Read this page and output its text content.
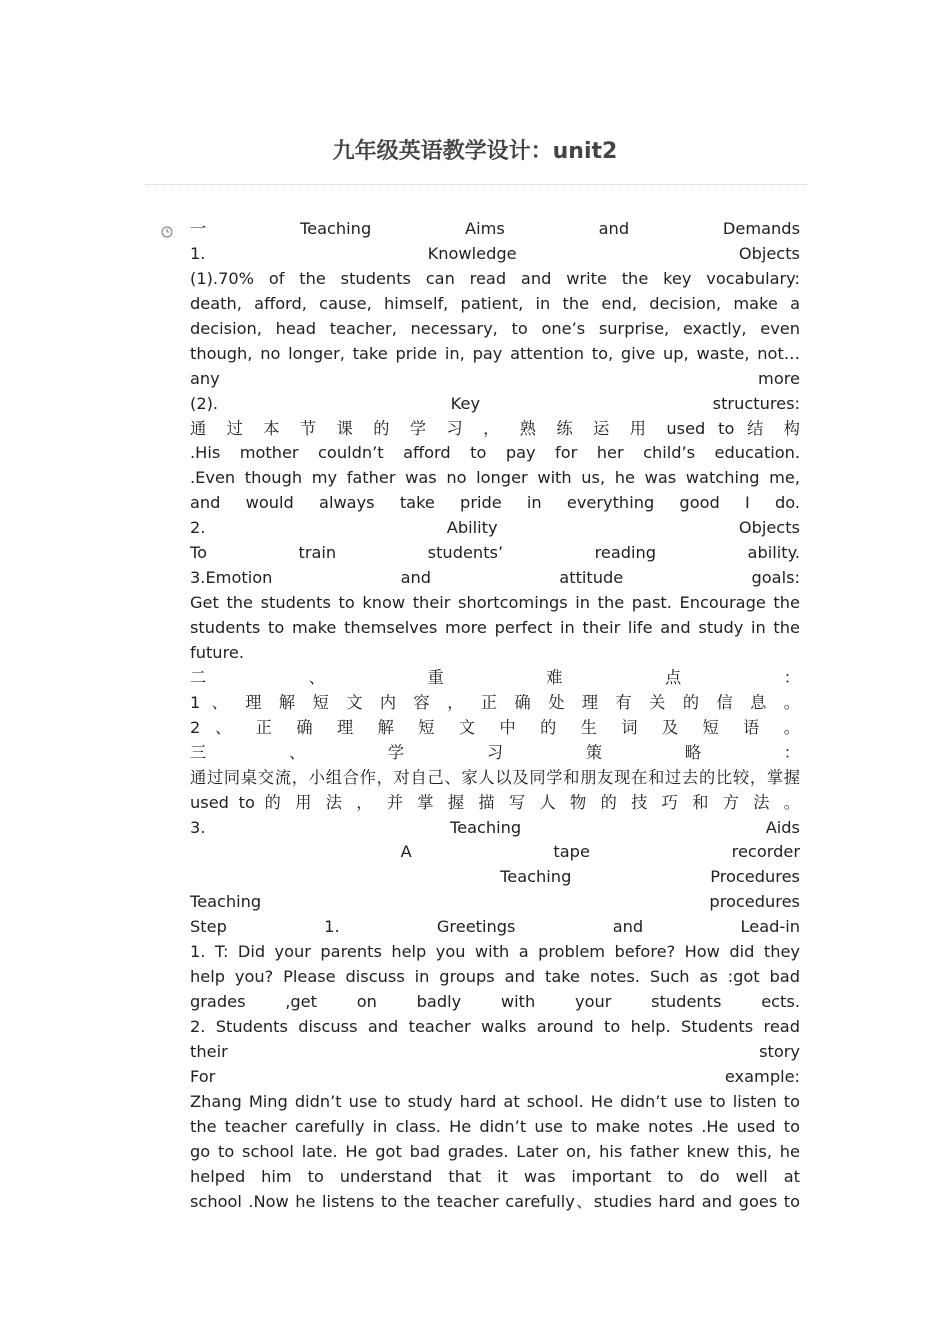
九年级英语教学设计：unit2
一　　Teaching　　Aims　　and　　Demands
1.　　Knowledge　　Objects
(1).70% of the students can read and write the key vocabulary:
death, afford, cause, himself, patient, in the end, decision, make a
decision, head teacher, necessary, to one’s surprise, exactly, even
though, no longer, take pride in, pay attention to, give up, waste, not…
any　　more
(2).　　Key　　structures:
通 过 本 节 课 的 学 习 ， 熟 练 运 用 used to 结 构
.His mother couldn’t afford to pay for her child’s education.
.Even though my father was no longer with us, he was watching me,
and would always take pride in everything good I do.
2.　　Ability　　Objects
To　train　students’　reading　ability.
3.Emotion　　and　　attitude　　goals:
Get the students to know their shortcomings in the past. Encourage the
students to make themselves more perfect in their life and study in the
future.
二 、 重 难 点 ：
1 、 理 解 短 文 内 容 ， 正 确 处 理 有 关 的 信 息 。
2 、 正 确 理 解 短 文 中 的 生 词 及 短 语 。
三 、 学 习 策 略 ：
通过同桌交流，小组合作，对自己、家人以及同学和朋友现在和过去的比较，掌握
used to 的 用 法 ， 并 掌 握 描 写 人 物 的 技 巧 和 方 法 。
3.　　Teaching　　Aids
　　　　A　　tape　　recorder
　　　　　　Teaching　　Procedures
Teaching　　procedures
Step　　1.　　Greetings　　and　　Lead-in
1. T: Did your parents help you with a problem before? How did they
help you? Please discuss in groups and take notes. Such as :got bad
grades ,get on badly with your students ects.
2. Students discuss and teacher walks around to help. Students read
their　　story
For　　example:
Zhang Ming didn’t use to study hard at school. He didn’t use to listen to
the teacher carefully in class. He didn’t use to make notes .He used to
go to school late. He got bad grades. Later on, his father knew this, he
helped him to understand that it was important to do well at
school .Now he listens to the teacher carefully、studies hard and goes to
